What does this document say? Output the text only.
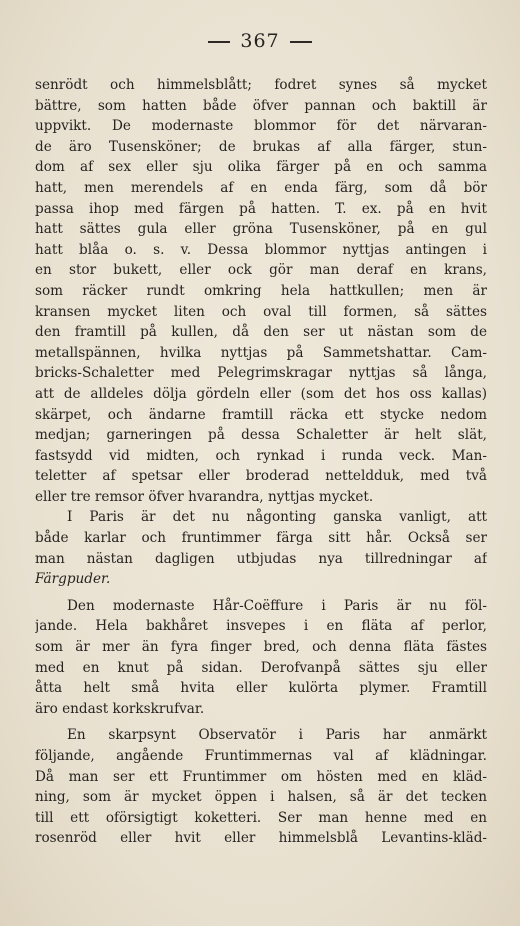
367
senrödt och himmelsblått; fodret synes så mycket
bättre, som hatten både öfver pannan och baktill är
uppvikt. De modernaste blommor för det närvaran-
de äro Tusensköner; de brukas af alla färger, stun-
dom af sex eller sju olika färger på en och samma
hatt, men merendels af en enda färg, som då bör
passa ihop med färgen på hatten. T. ex. på en hvit
hatt sättes gula eller gröna Tusensköner, på en gul
hatt blåa o. s. v. Dessa blommor nyttjas antingen i
en stor bukett, eller ock gör man deraf en krans,
som räcker rundt omkring hela hattkullen; men är
kransen mycket liten och oval till formen, så sättes
den framtill på kullen, då den ser ut nästan som de
metallspännen, hvilka nyttjas på Sammetshattar. Cam-
bricks-Schaletter med Pelegrimskragar nyttjas så långa,
att de alldeles dölja gördeln eller (som det hos oss kallas)
skärpet, och ändarne framtill räcka ett stycke nedom
medjan; garneringen på dessa Schaletter är helt slät,
fastsydd vid midten, och rynkad i runda veck. Man-
teletter af spetsar eller broderad netteldduk, med två
eller tre remsor öfver hvarandra, nyttjas mycket.
I Paris är det nu någonting ganska vanligt, att
både karlar och fruntimmer färga sitt hår. Också ser
man nästan dagligen utbjudas nya tillredningar af
Färgpuder.
Den modernaste Hår-Coëffure i Paris är nu föl-
jande. Hela bakhåret insvepes i en fläta af perlor,
som är mer än fyra finger bred, och denna fläta fästes
med en knut på sidan. Derofvanpå sättes sju eller
åtta helt små hvita eller kulörta plymer. Framtill
äro endast korkskrufvar.
En skarpsynt Observatör i Paris har anmärkt
följande, angående Fruntimmernas val af klädningar.
Då man ser ett Fruntimmer om hösten med en kläd-
ning, som är mycket öppen i halsen, så är det tecken
till ett oförsigtigt koketteri. Ser man henne med en
rosenröd eller hvit eller himmelsblå Levantins-kläd-
